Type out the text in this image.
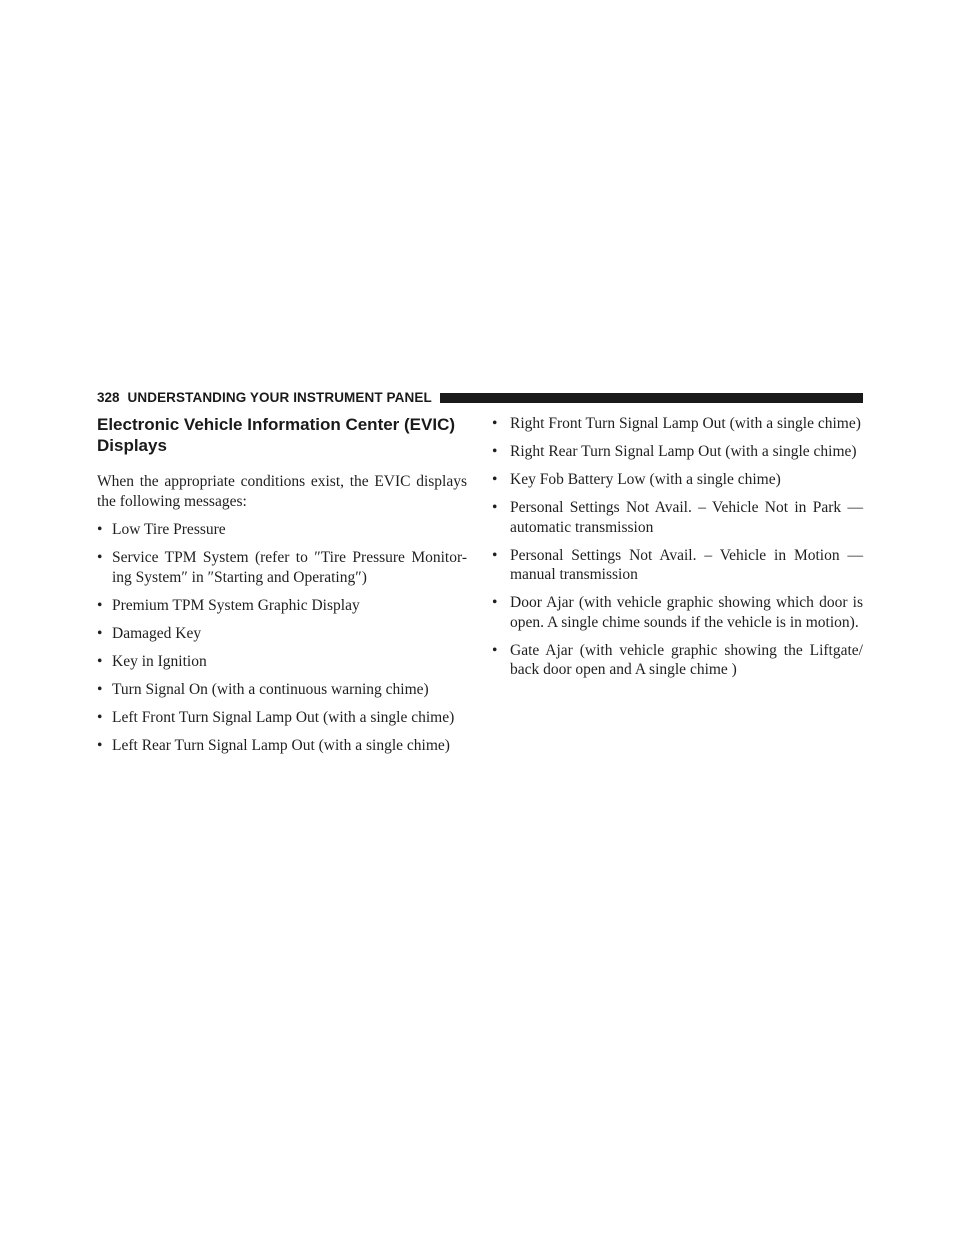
328 UNDERSTANDING YOUR INSTRUMENT PANEL
Electronic Vehicle Information Center (EVIC) Displays

When the appropriate conditions exist, the EVIC displays the following messages:

• Low Tire Pressure
• Service TPM System (refer to ″Tire Pressure Monitor-ing System″ in ″Starting and Operating″)
• Premium TPM System Graphic Display
• Damaged Key
• Key in Ignition
• Turn Signal On (with a continuous warning chime)
• Left Front Turn Signal Lamp Out (with a single chime)
• Left Rear Turn Signal Lamp Out (with a single chime)
• Right Front Turn Signal Lamp Out (with a single chime)
• Right Rear Turn Signal Lamp Out (with a single chime)
• Key Fob Battery Low (with a single chime)
• Personal Settings Not Avail. – Vehicle Not in Park — automatic transmission
• Personal Settings Not Avail. – Vehicle in Motion — manual transmission
• Door Ajar (with vehicle graphic showing which door is open. A single chime sounds if the vehicle is in motion).
• Gate Ajar (with vehicle graphic showing the Liftgate/ back door open and A single chime )
